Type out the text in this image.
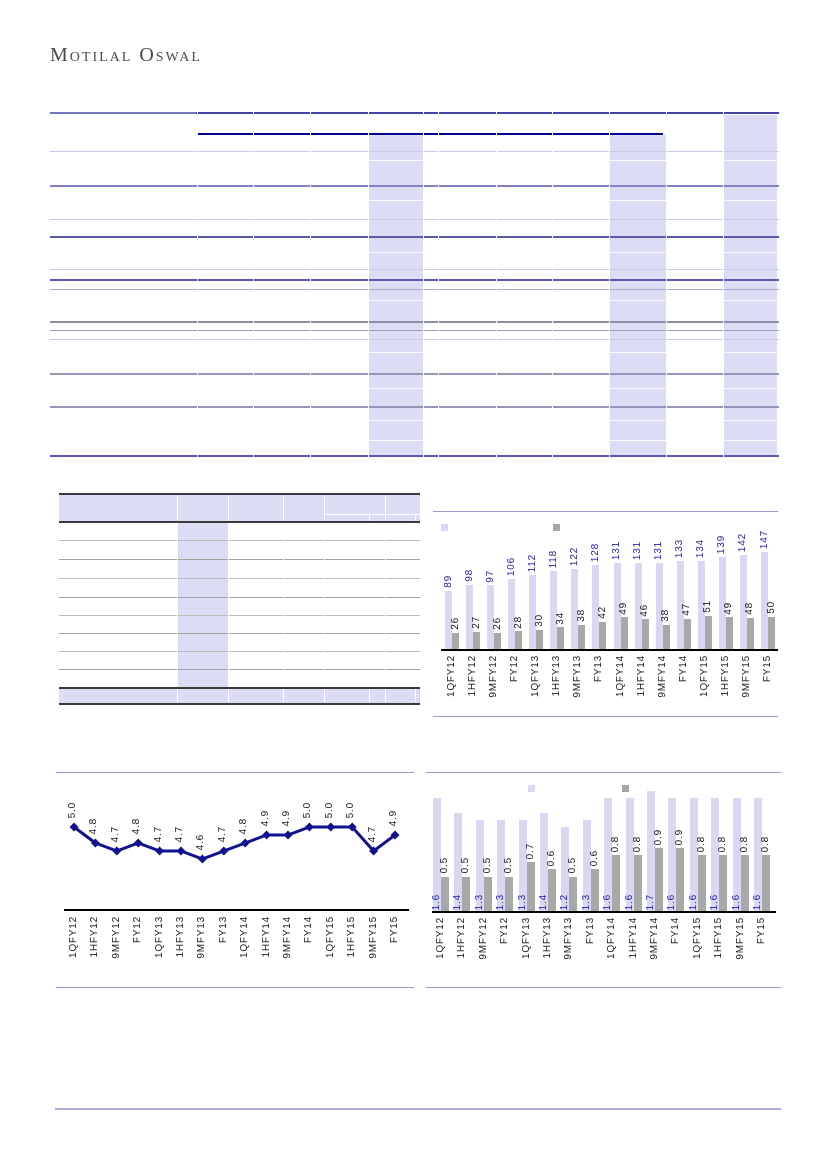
Motilal Oswal
89
26
1QFY12
98
27
1HFY12
97
26
9MFY12
106
28
FY12
112
30
1QFY13
118
34
1HFY13
122
38
9MFY13
128
42
FY13
131
49
1QFY14
131
46
1HFY14
131
38
9MFY14
133
47
FY14
134
51
1QFY15
139
49
1HFY15
142
48
9MFY15
147
50
FY15
5.0
1QFY12
4.8
1HFY12
4.7
9MFY12
4.8
FY12
4.7
1QFY13
4.7
1HFY13
4.6
9MFY13
4.7
FY13
4.8
1QFY14
4.9
1HFY14
4.9
9MFY14
5.0
FY14
5.0
1QFY15
5.0
1HFY15
4.7
9MFY15
4.9
FY15
1.6
0.5
1QFY12
1.4
0.5
1HFY12
1.3
0.5
9MFY12
1.3
0.5
FY12
1.3
0.7
1QFY13
1.4
0.6
1HFY13
1.2
0.5
9MFY13
1.3
0.6
FY13
1.6
0.8
1QFY14
1.6
0.8
1HFY14
1.7
0.9
9MFY14
1.6
0.9
FY14
1.6
0.8
1QFY15
1.6
0.8
1HFY15
1.6
0.8
9MFY15
1.6
0.8
FY15
